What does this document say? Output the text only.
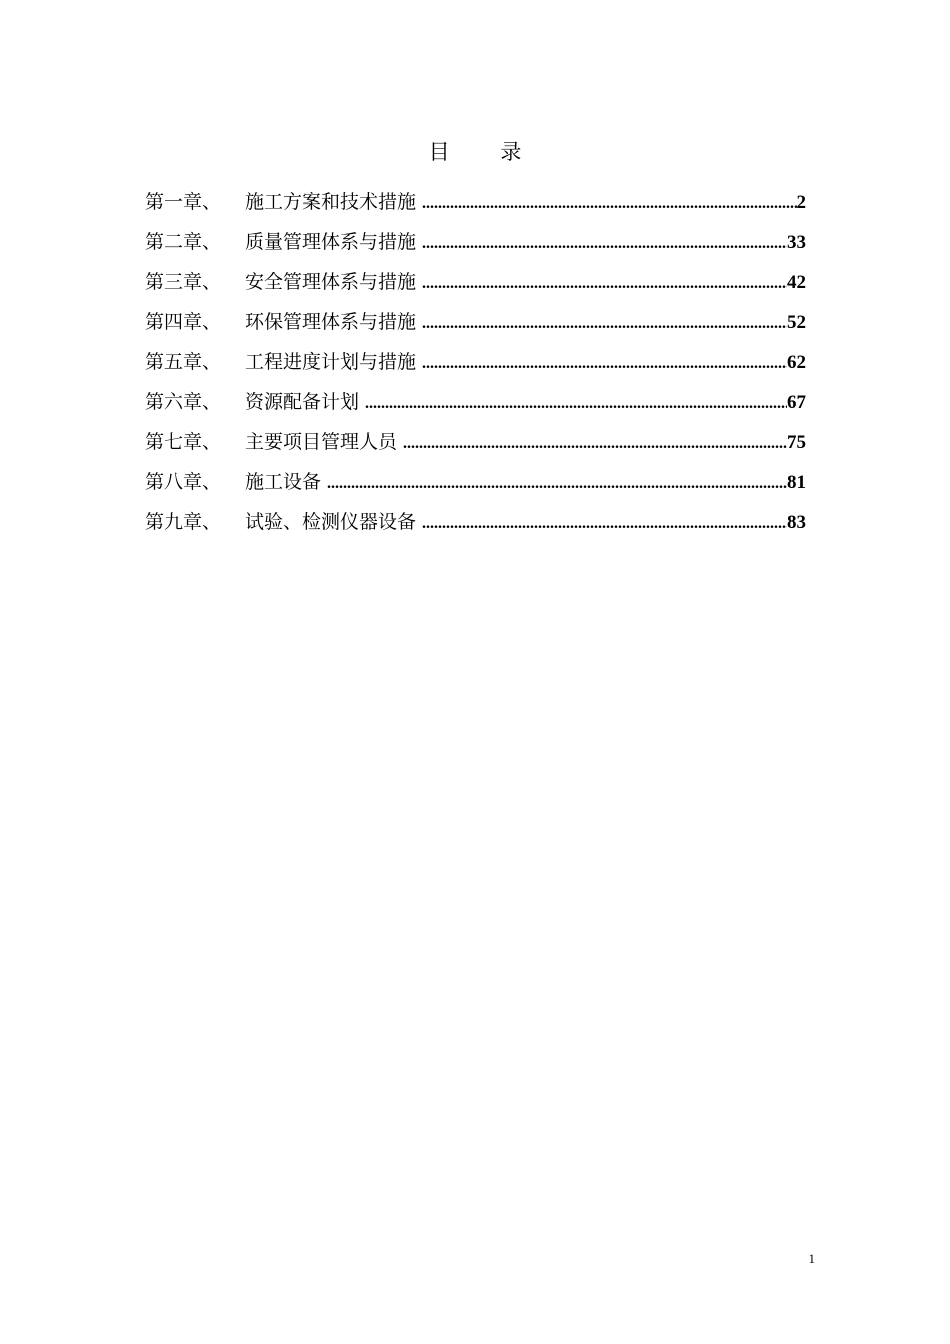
目 录
第一章、	施工方案和技术措施 .....	2
第二章、	质量管理体系与措施 .....	33
第三章、	安全管理体系与措施 .....	42
第四章、	环保管理体系与措施 .....	52
第五章、	工程进度计划与措施 .....	62
第六章、	资源配备计划 .....	67
第七章、	主要项目管理人员 .....	75
第八章、	施工设备 .....	81
第九章、	试验、检测仪器设备 .....	83
1
